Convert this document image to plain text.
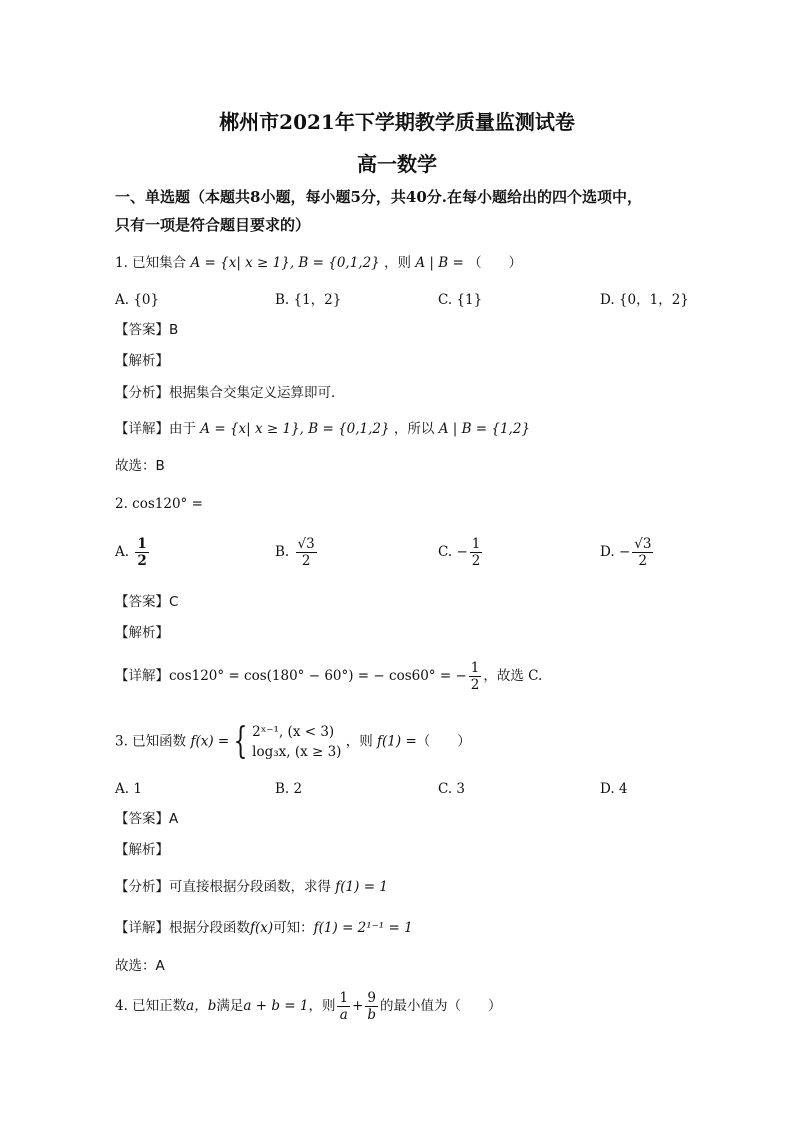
郴州市2021年下学期教学质量监测试卷
高一数学
一、单选题（本题共8小题，每小题5分，共40分.在每小题给出的四个选项中，
只有一项是符合题目要求的）
1. 已知集合 A = {x| x ≥ 1}, B = {0,1,2} ，则 A | B = （　　）
A. {0}	B. {1，2}	C. {1}	D. {0，1，2}
【答案】B
【解析】
【分析】根据集合交集定义运算即可．
【详解】由于 A = {x| x ≥ 1}, B = {0,1,2} ，所以 A | B = {1,2}
故选：B
2. cos120° =
A. $\frac{1}{2}$	B. $\frac{√3}{2}$	C. − $\frac{1}{2}$	D. − $\frac{√3}{2}$
【答案】C
【解析】
【详解】cos120° = cos(180° − 60°) = − cos60° = − $\frac{1}{2}$ ，故选 C.
3. 已知函数 f(x) = { 2ˣ⁻¹, (x < 3)
log₃x, (x ≥ 3)
，则 f(1) =（　　）
A. 1	B. 2	C. 3	D. 4
【答案】A
【解析】
【分析】可直接根据分段函数，求得 f(1) = 1
【详解】根据分段函数f(x)可知：f(1) = 2¹⁻¹ = 1
故选：A
4. 已知正数a，b满足a + b = 1，则 $\frac{1}{a} + \frac{9}{b}$ 的最小值为（　　）
